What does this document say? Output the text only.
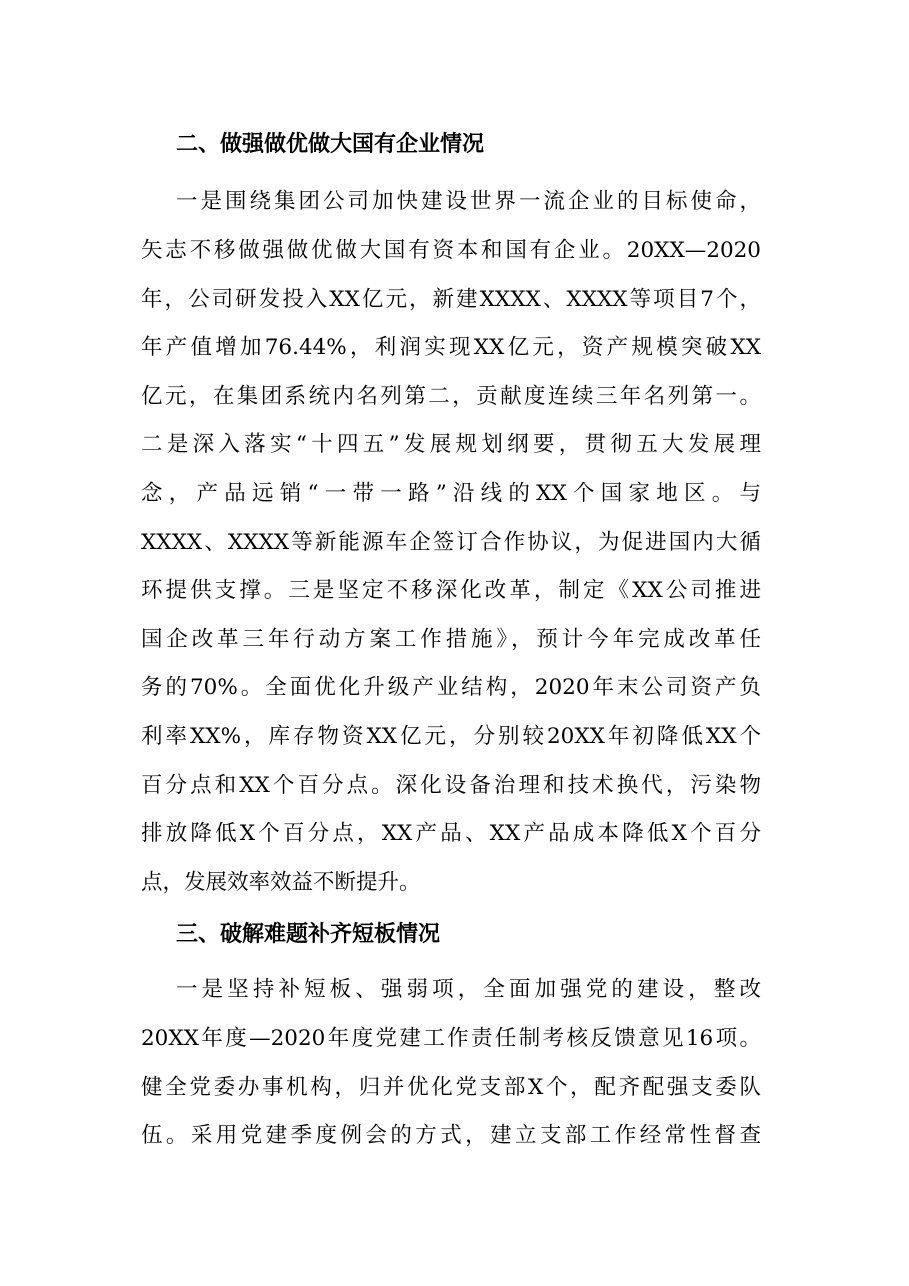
二、做强做优做大国有企业情况

一是围绕集团公司加快建设世界一流企业的目标使命，

矢志不移做强做优做大国有资本和国有企业。20XX—2020

年，公司研发投入XX亿元，新建XXXX、XXXX等项目7个，

年产值增加76.44%，利润实现XX亿元，资产规模突破XX

亿元，在集团系统内名列第二，贡献度连续三年名列第一。

二是深入落实“十四五”发展规划纲要，贯彻五大发展理

念，产品远销“一带一路”沿线的XX个国家地区。与

XXXX、XXXX等新能源车企签订合作协议，为促进国内大循

环提供支撑。三是坚定不移深化改革，制定《XX公司推进

国企改革三年行动方案工作措施》，预计今年完成改革任

务的70%。全面优化升级产业结构，2020年末公司资产负

利率XX%，库存物资XX亿元，分别较20XX年初降低XX个

百分点和XX个百分点。深化设备治理和技术换代，污染物

排放降低X个百分点，XX产品、XX产品成本降低X个百分

点，发展效率效益不断提升。

三、破解难题补齐短板情况

一是坚持补短板、强弱项，全面加强党的建设，整改

20XX年度—2020年度党建工作责任制考核反馈意见16项。

健全党委办事机构，归并优化党支部X个，配齐配强支委队

伍。采用党建季度例会的方式，建立支部工作经常性督查
